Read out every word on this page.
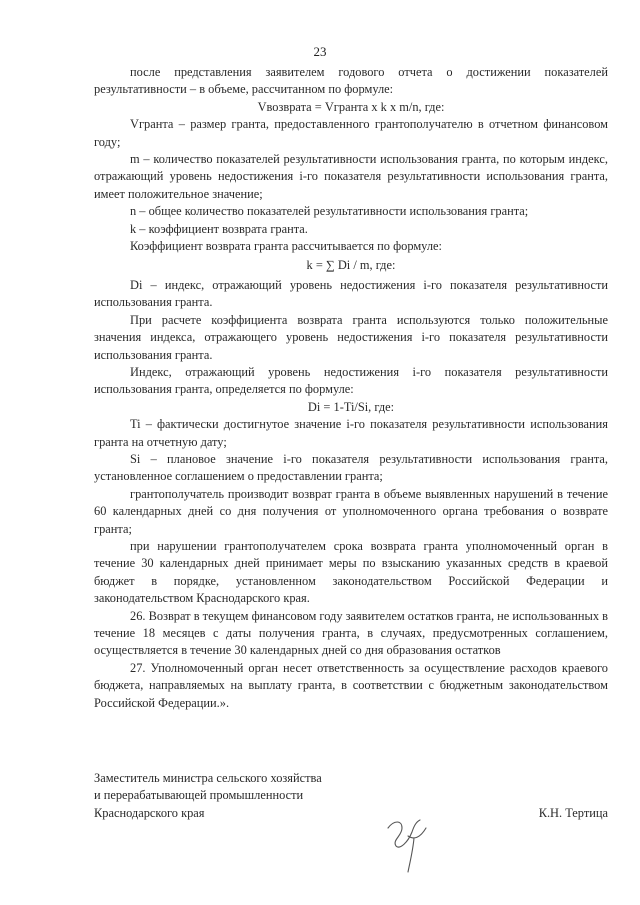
23

после представления заявителем годового отчета о достижении показателей результативности – в объеме, рассчитанном по формуле:

Vвозврата = Vгранта x k x m/n, где:

Vгранта – размер гранта, предоставленного грантополучателю в отчетном финансовом году;

m – количество показателей результативности использования гранта, по которым индекс, отражающий уровень недостижения i-го показателя результативности использования гранта, имеет положительное значение;

n – общее количество показателей результативности использования гранта;

k – коэффициент возврата гранта.

Коэффициент возврата гранта рассчитывается по формуле:

k = ∑ Di / m, где:

Di – индекс, отражающий уровень недостижения i-го показателя результативности использования гранта.

При расчете коэффициента возврата гранта используются только положительные значения индекса, отражающего уровень недостижения i-го показателя результативности использования гранта.

Индекс, отражающий уровень недостижения i-го показателя результативности использования гранта, определяется по формуле:

Di = 1-Ti/Si, где:

Ti – фактически достигнутое значение i-го показателя результативности использования гранта на отчетную дату;

Si – плановое значение i-го показателя результативности использования гранта, установленное соглашением о предоставлении гранта;

грантополучатель производит возврат гранта в объеме выявленных нарушений в течение 60 календарных дней со дня получения от уполномоченного органа требования о возврате гранта;

при нарушении грантополучателем срока возврата гранта уполномоченный орган в течение 30 календарных дней принимает меры по взысканию указанных средств в краевой бюджет в порядке, установленном законодательством Российской Федерации и законодательством Краснодарского края.

26. Возврат в текущем финансовом году заявителем остатков гранта, не использованных в течение 18 месяцев с даты получения гранта, в случаях, предусмотренных соглашением, осуществляется в течение 30 календарных дней со дня образования остатков

27. Уполномоченный орган несет ответственность за осуществление расходов краевого бюджета, направляемых на выплату гранта, в соответствии с бюджетным законодательством Российской Федерации.».

Заместитель министра сельского хозяйства

и перерабатывающей промышленности

Краснодарского края	К.Н. Тертица
